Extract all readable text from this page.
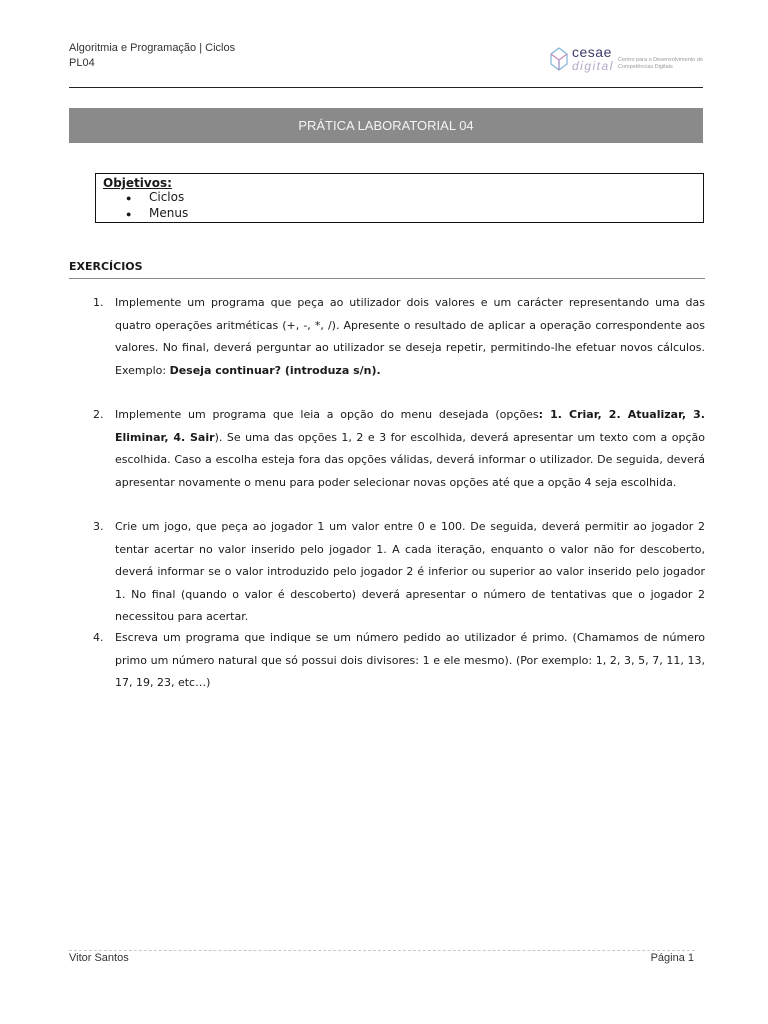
Algoritmia e Programação | Ciclos
PL04
cesae
digital Centro para o Desenvolvimento de Competências Digitais
PRÁTICA LABORATORIAL 04
Objetivos:
● Ciclos
● Menus
EXERCÍCIOS
1. Implemente um programa que peça ao utilizador dois valores e um carácter representando uma das quatro operações aritméticas (+, -, *, /). Apresente o resultado de aplicar a operação correspondente aos valores. No final, deverá perguntar ao utilizador se deseja repetir, permitindo-lhe efetuar novos cálculos. Exemplo: Deseja continuar? (introduza s/n).
2. Implemente um programa que leia a opção do menu desejada (opções: 1. Criar, 2. Atualizar, 3. Eliminar, 4. Sair). Se uma das opções 1, 2 e 3 for escolhida, deverá apresentar um texto com a opção escolhida. Caso a escolha esteja fora das opções válidas, deverá informar o utilizador. De seguida, deverá apresentar novamente o menu para poder selecionar novas opções até que a opção 4 seja escolhida.
3. Crie um jogo, que peça ao jogador 1 um valor entre 0 e 100. De seguida, deverá permitir ao jogador 2 tentar acertar no valor inserido pelo jogador 1. A cada iteração, enquanto o valor não for descoberto, deverá informar se o valor introduzido pelo jogador 2 é inferior ou superior ao valor inserido pelo jogador 1. No final (quando o valor é descoberto) deverá apresentar o número de tentativas que o jogador 2 necessitou para acertar.
4. Escreva um programa que indique se um número pedido ao utilizador é primo. (Chamamos de número primo um número natural que só possui dois divisores: 1 e ele mesmo). (Por exemplo: 1, 2, 3, 5, 7, 11, 13, 17, 19, 23, etc…)
Vitor Santos	Página 1
